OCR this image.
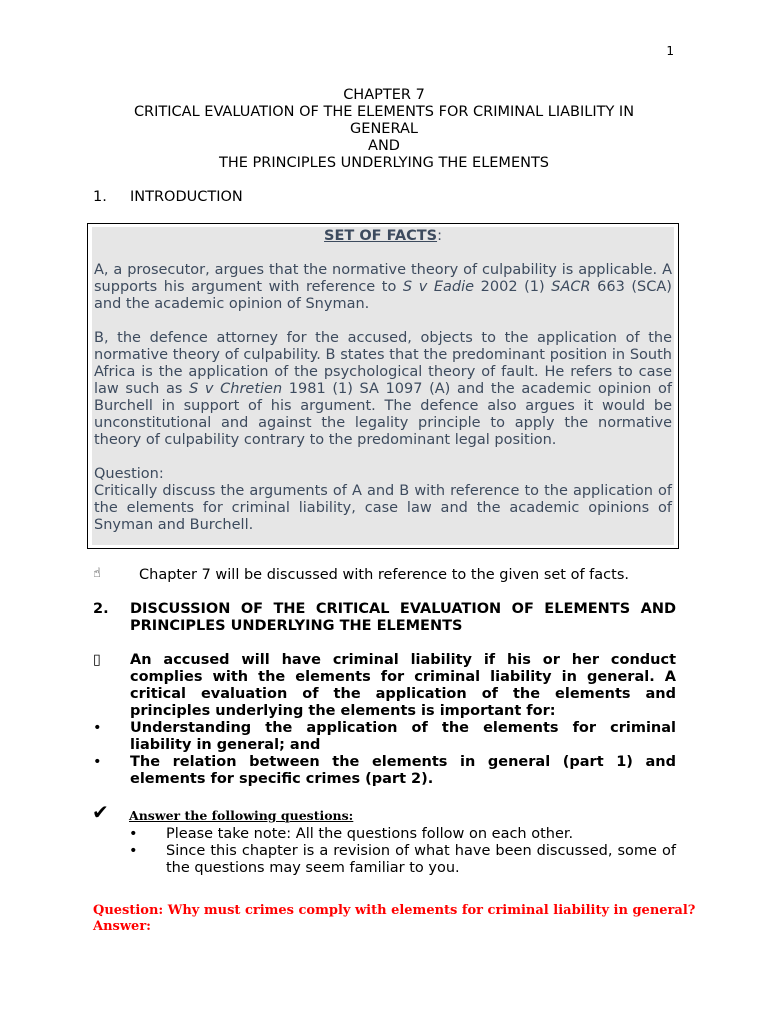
1
CHAPTER 7
CRITICAL EVALUATION OF THE ELEMENTS FOR CRIMINAL LIABILITY IN
GENERAL
AND
THE PRINCIPLES UNDERLYING THE ELEMENTS
1. INTRODUCTION
SET OF FACTS:

A, a prosecutor, argues that the normative theory of culpability is applicable. A supports his argument with reference to S v Eadie 2002 (1) SACR 663 (SCA) and the academic opinion of Snyman.

B, the defence attorney for the accused, objects to the application of the normative theory of culpability. B states that the predominant position in South Africa is the application of the psychological theory of fault. He refers to case law such as S v Chretien 1981 (1) SA 1097 (A) and the academic opinion of Burchell in support of his argument. The defence also argues it would be unconstitutional and against the legality principle to apply the normative theory of culpability contrary to the predominant legal position.

Question:

Critically discuss the arguments of A and B with reference to the application of the elements for criminal liability, case law and the academic opinions of Snyman and Burchell.

☝	Chapter 7 will be discussed with reference to the given set of facts.
2. DISCUSSION OF THE CRITICAL EVALUATION OF ELEMENTS AND PRINCIPLES UNDERLYING THE ELEMENTS
▯ An accused will have criminal liability if his or her conduct complies with the elements for criminal liability in general. A critical evaluation of the application of the elements and principles underlying the elements is important for:
• Understanding the application of the elements for criminal liability in general; and
• The relation between the elements in general (part 1) and elements for specific crimes (part 2).
✔ Answer the following questions:
• Please take note: All the questions follow on each other.
• Since this chapter is a revision of what have been discussed, some of the questions may seem familiar to you.
Question: Why must crimes comply with elements for criminal liability in general?
Answer:
